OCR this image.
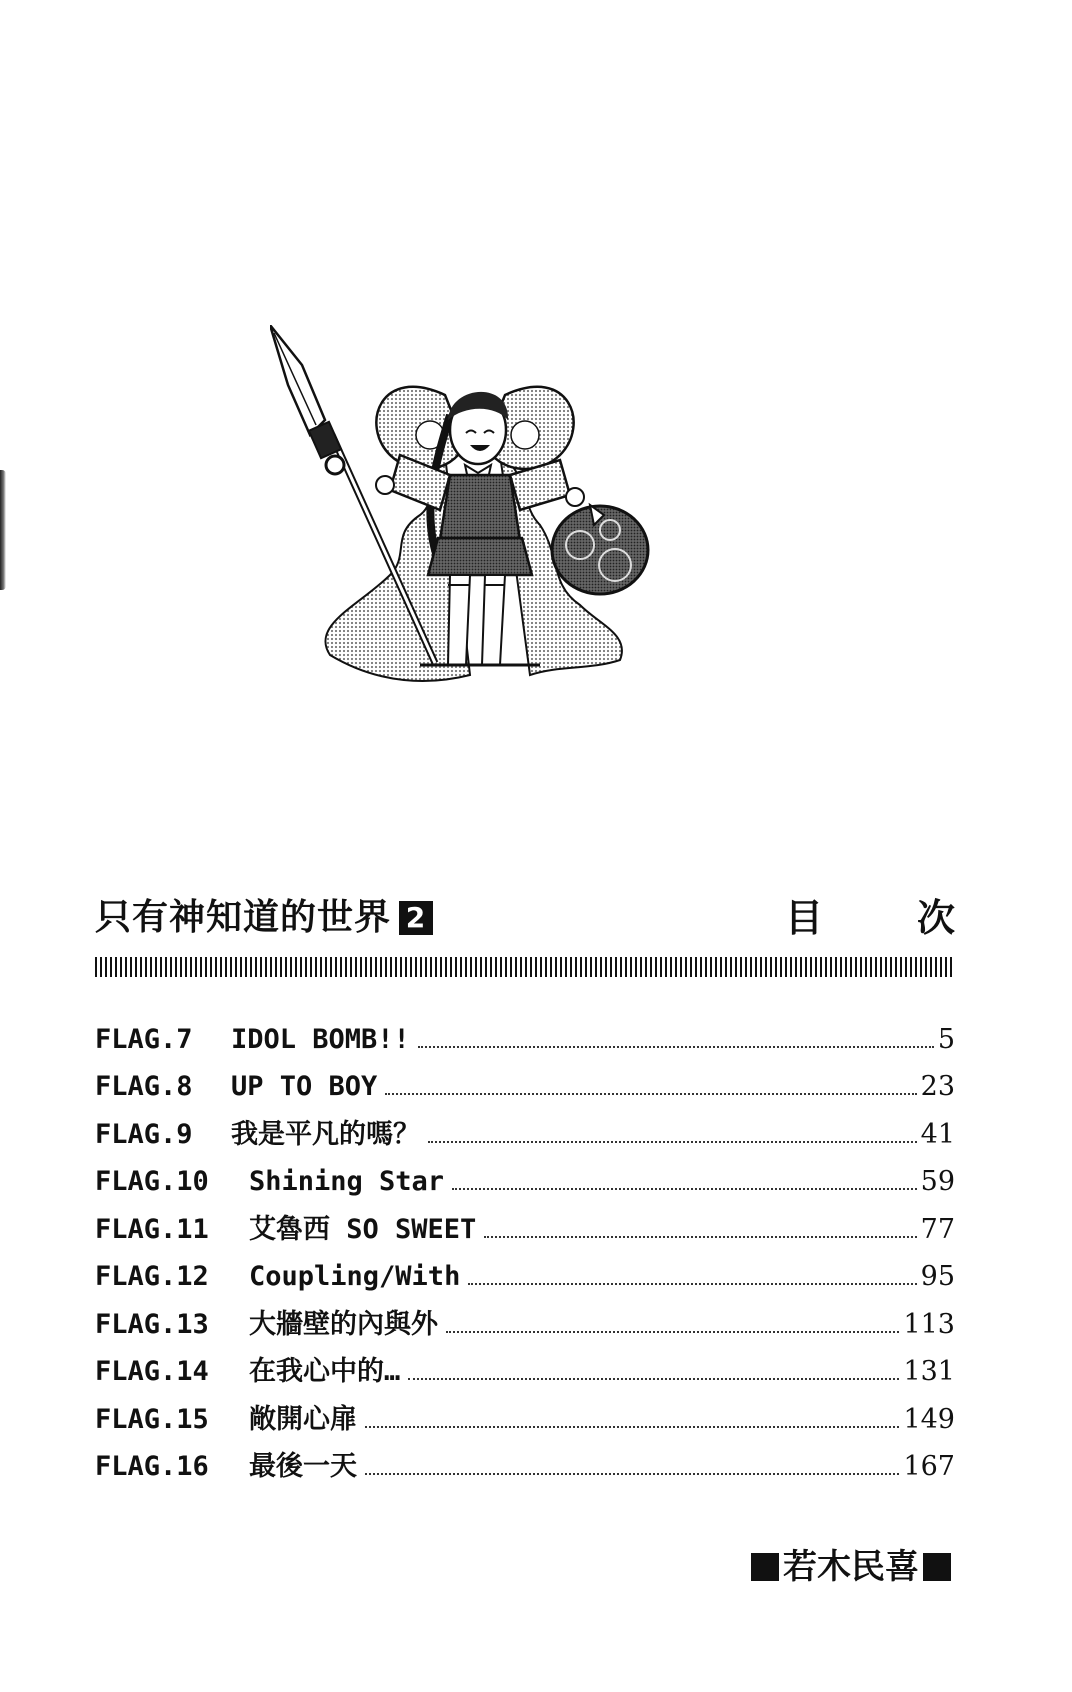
只有神知道的世界 2	目　次
FLAG.7	IDOL BOMB!!	5
FLAG.8	UP TO BOY	23
FLAG.9	我是平凡的嗎？	41
FLAG.10	Shining Star	59
FLAG.11	艾魯西 SO SWEET	77
FLAG.12	Coupling/With	95
FLAG.13	大牆壁的內與外	113
FLAG.14	在我心中的…	131
FLAG.15	敞開心扉	149
FLAG.16	最後一天	167
若木民喜
